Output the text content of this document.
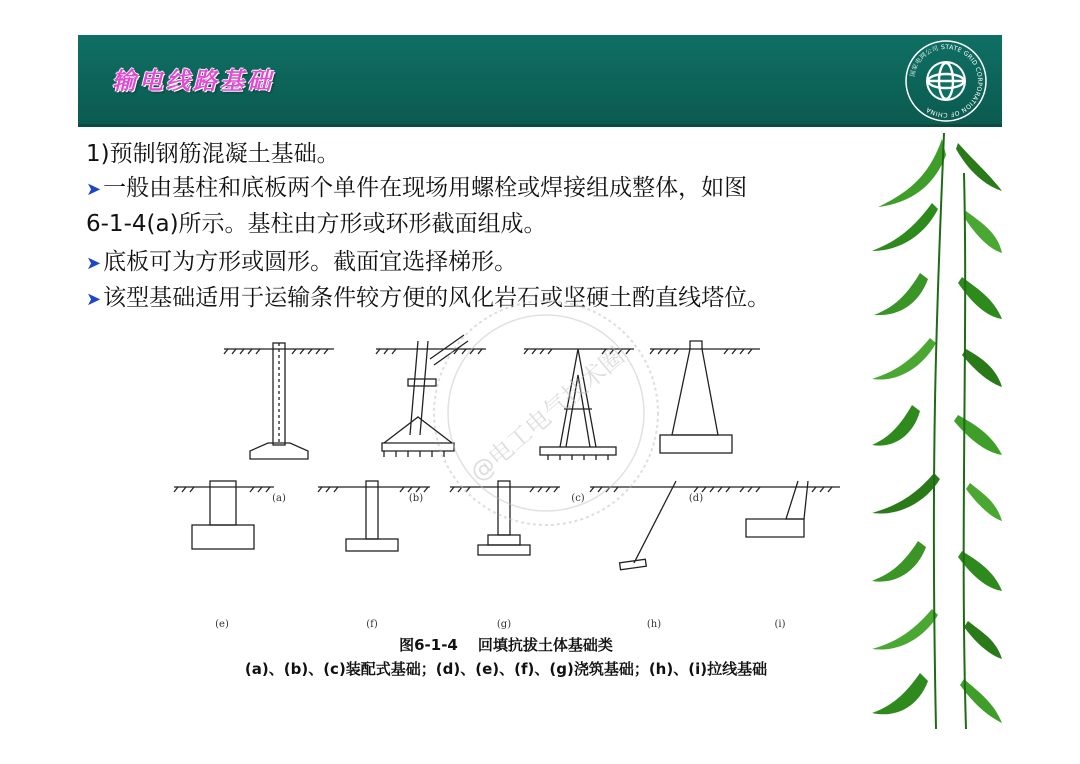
输电线路基础	国家电网公司 STATE GRID CORPORATION OF CHINA

1)预制钢筋混凝土基础。

➤一般由基柱和底板两个单件在现场用螺栓或焊接组成整体，如图

6-1-4(a)所示。基柱由方形或环形截面组成。

➤底板可为方形或圆形。截面宜选择梯形。

➤该型基础适用于运输条件较方便的风化岩石或坚硬土酌直线塔位。

(a)	(b)	(c)	(d)
(e)	(f)	(g)	(h)	(i)
图6-1-4 回填抗拔土体基础类
(a)、(b)、(c)装配式基础；(d)、(e)、(f)、(g)浇筑基础；(h)、(i)拉线基础
@电工电气技术圈
